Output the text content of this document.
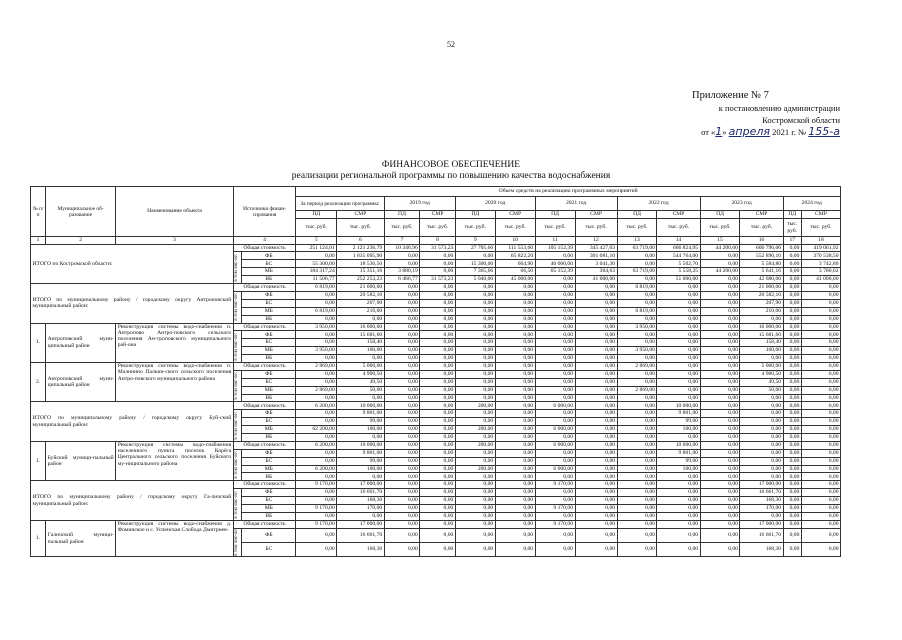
52
Приложение № 7
к постановлению администрации
Костромской области
от «1» апреля 2021 г. № 155-а
ФИНАНСОВОЕ ОБЕСПЕЧЕНИЕ
реализации региональной программы по повышению качества водоснабжения
№ п/п	Муниципальное об-разование	Наименование объекта	Источники финан-сирования		Объем средств на реализацию программных мероприятий													
					За период реализации программы:		2019 год		2020 год		2021 год		2022 год		2023 год		2024 год	
					ПД	СМР	ПД	СМР	ПД	СМР	ПД	СМР	ПД	СМР	ПД	СМР	ПД	СМР
					тыс. руб.	тыс. руб.	тыс. руб.	тыс. руб.	тыс. руб.	тыс. руб.	тыс. руб.	тыс. руб.	тыс. руб.	тыс. руб.	тыс. руб.	тыс. руб.	тыс. руб.	тыс. руб.
1	2	3	4		5	6	7	8	9	10	11	12	13	14	15	16	17	18
ИТОГО по Костромской области:			Общая стоимость		251 124,01	2 121 236,79	10 346,96	31 573,23	27 705,66	111 553,60	105 152,39	345 427,03	63 719,00	606 824,95	44 200,00	606 796,06	0,00	419 061,92
			в том чис-ле:	ФБ	0,00	1 835 095,90	0,00	0,00	0,00	65 822,20	0,00	301 081,10	0,00	544 764,00	0,00	552 890,10	0,00	370 538,50
				БС	55 300,00	18 536,50	0,00	0,00	15 300,00	664,90	40 000,00	3 041,30	0,00	5 502,70	0,00	5 584,80	0,00	3 742,80
				МБ	184 317,24	15 351,16	3 880,19	0,00	7 365,66	66,50	65 152,39	304,63	63 719,00	5 558,25	44 200,00	5 641,16	0,00	3 780,62
				ВБ	11 506,77	252 253,23	6 466,77	31 573,23	5 040,00	45 000,00	0,00	41 000,00	0,00	51 000,00	0,00	42 680,00	0,00	41 000,00
ИТОГО по муниципальному району / городскому округу Антроповский муниципальный район:			Общая стоимость		6 819,00	21 000,00	0,00	0,00	0,00	0,00	0,00	0,00	6 819,00	0,00	0,00	21 000,00	0,00	0,00
			в том чис-ле:	ФБ	0,00	20 582,10	0,00	0,00	0,00	0,00	0,00	0,00	0,00	0,00	0,00	20 582,10	0,00	0,00
				БС	0,00	207,90	0,00	0,00	0,00	0,00	0,00	0,00	0,00	0,00	0,00	207,90	0,00	0,00
				МБ	6 819,00	210,00	0,00	0,00	0,00	0,00	0,00	0,00	6 819,00	0,00	0,00	210,00	0,00	0,00
				ВБ	0,00	0,00	0,00	0,00	0,00	0,00	0,00	0,00	0,00	0,00	0,00	0,00	0,00	0,00
1.	Антроповский муни-ципальный район	Реконструкция системы водо-снабжения п. Антропово Антро-повского сельского поселения Ан-троповского муниципального рай-она	Общая стоимость		3 950,00	16 000,00	0,00	0,00	0,00	0,00	0,00	0,00	3 950,00	0,00	0,00	16 000,00	0,00	0,00
			в том чис-ле:	ФБ	0,00	15 681,60	0,00	0,00	0,00	0,00	0,00	0,00	0,00	0,00	0,00	15 681,60	0,00	0,00
				БС	0,00	158,40	0,00	0,00	0,00	0,00	0,00	0,00	0,00	0,00	0,00	158,40	0,00	0,00
				МБ	3 950,00	160,00	0,00	0,00	0,00	0,00	0,00	0,00	3 950,00	0,00	0,00	160,00	0,00	0,00
				ВБ	0,00	0,00	0,00	0,00	0,00	0,00	0,00	0,00	0,00	0,00	0,00	0,00	0,00	0,00
2.	Антроповский муни-ципальный район	Реконструкция системы водо-снабжения п. Малинино Палкин-ского сельского поселения Антро-повского муниципального района	Общая стоимость		2 869,00	5 000,00	0,00	0,00	0,00	0,00	0,00	0,00	2 869,00	0,00	0,00	5 000,00	0,00	0,00
			в том чис-ле:	ФБ	0,00	4 900,50	0,00	0,00	0,00	0,00	0,00	0,00	0,00	0,00	0,00	4 900,50	0,00	0,00
				БС	0,00	49,50	0,00	0,00	0,00	0,00	0,00	0,00	0,00	0,00	0,00	49,50	0,00	0,00
				МБ	2 869,00	50,00	0,00	0,00	0,00	0,00	0,00	0,00	2 869,00	0,00	0,00	50,00	0,00	0,00
				ВБ	0,00	0,00	0,00	0,00	0,00	0,00	0,00	0,00	0,00	0,00	0,00	0,00	0,00	0,00
ИТОГО по муниципальному району / городскому округу Буй-ский муниципальный район:			Общая стоимость		6 200,00	10 000,00	0,00	0,00	200,00	0,00	6 000,00	0,00	0,00	10 000,00	0,00	0,00	0,00	0,00
			в том чис-ле:	ФБ	0,00	9 801,00	0,00	0,00	0,00	0,00	0,00	0,00	0,00	9 801,00	0,00	0,00	0,00	0,00
				БС	0,00	99,00	0,00	0,00	0,00	0,00	0,00	0,00	0,00	99,00	0,00	0,00	0,00	0,00
				МБ	62 200,00	100,00	0,00	0,00	200,00	0,00	6 000,00	0,00	0,00	100,00	0,00	0,00	0,00	0,00
				ВБ	0,00	0,00	0,00	0,00	0,00	0,00	0,00	0,00	0,00	0,00	0,00	0,00	0,00	0,00
1.	Буйский муници-пальный район	Реконструкция системы водо-снабжения населенного пункта поселок Корёга Центрального сельского поселения Буйского му-ниципального района	Общая стоимость		6 200,00	10 000,00	0,00	0,00	200,00	0,00	6 000,00	0,00	0,00	10 000,00	0,00	0,00	0,00	0,00
			в том чис-ле:	ФБ	0,00	9 801,00	0,00	0,00	0,00	0,00	0,00	0,00	0,00	9 801,00	0,00	0,00	0,00	0,00
				БС	0,00	99,00	0,00	0,00	0,00	0,00	0,00	0,00	0,00	99,00	0,00	0,00	0,00	0,00
				МБ	6 200,00	100,00	0,00	0,00	200,00	0,00	6 000,00	0,00	0,00	100,00	0,00	0,00	0,00	0,00
				ВБ	0,00	0,00	0,00	0,00	0,00	0,00	0,00	0,00	0,00	0,00	0,00	0,00	0,00	0,00
ИТОГО по муниципальному району / городскому округу Га-личский муниципальный район:			Общая стоимость		9 170,00	17 000,00	0,00	0,00	0,00	0,00	9 170,00	0,00	0,00	0,00	0,00	17 000,00	0,00	0,00
			в том чис-ле:	ФБ	0,00	16 661,70	0,00	0,00	0,00	0,00	0,00	0,00	0,00	0,00	0,00	16 661,70	0,00	0,00
				БС	0,00	168,30	0,00	0,00	0,00	0,00	0,00	0,00	0,00	0,00	0,00	168,30	0,00	0,00
				МБ	9 170,00	170,00	0,00	0,00	0,00	0,00	9 170,00	0,00	0,00	0,00	0,00	170,00	0,00	0,00
				ВБ	0,00	0,00	0,00	0,00	0,00	0,00	0,00	0,00	0,00	0,00	0,00	0,00	0,00	0,00
1.	Галичский муници-пальный район	Реконструкция системы водо-снабжения д. Фоминское и с. Успенская Слобода Дмитриев-	Общая стоимость		9 170,00	17 000,00	0,00	0,00	0,00	0,00	9 170,00	0,00	0,00	0,00	0,00	17 000,00	0,00	0,00
			в том чис-ле:	ФБ	0,00	16 661,70	0,00	0,00	0,00	0,00	0,00	0,00	0,00	0,00	0,00	16 661,70	0,00	0,00
				БС	0,00	168,30	0,00	0,00	0,00	0,00	0,00	0,00	0,00	0,00	0,00	168,30	0,00	0,00
